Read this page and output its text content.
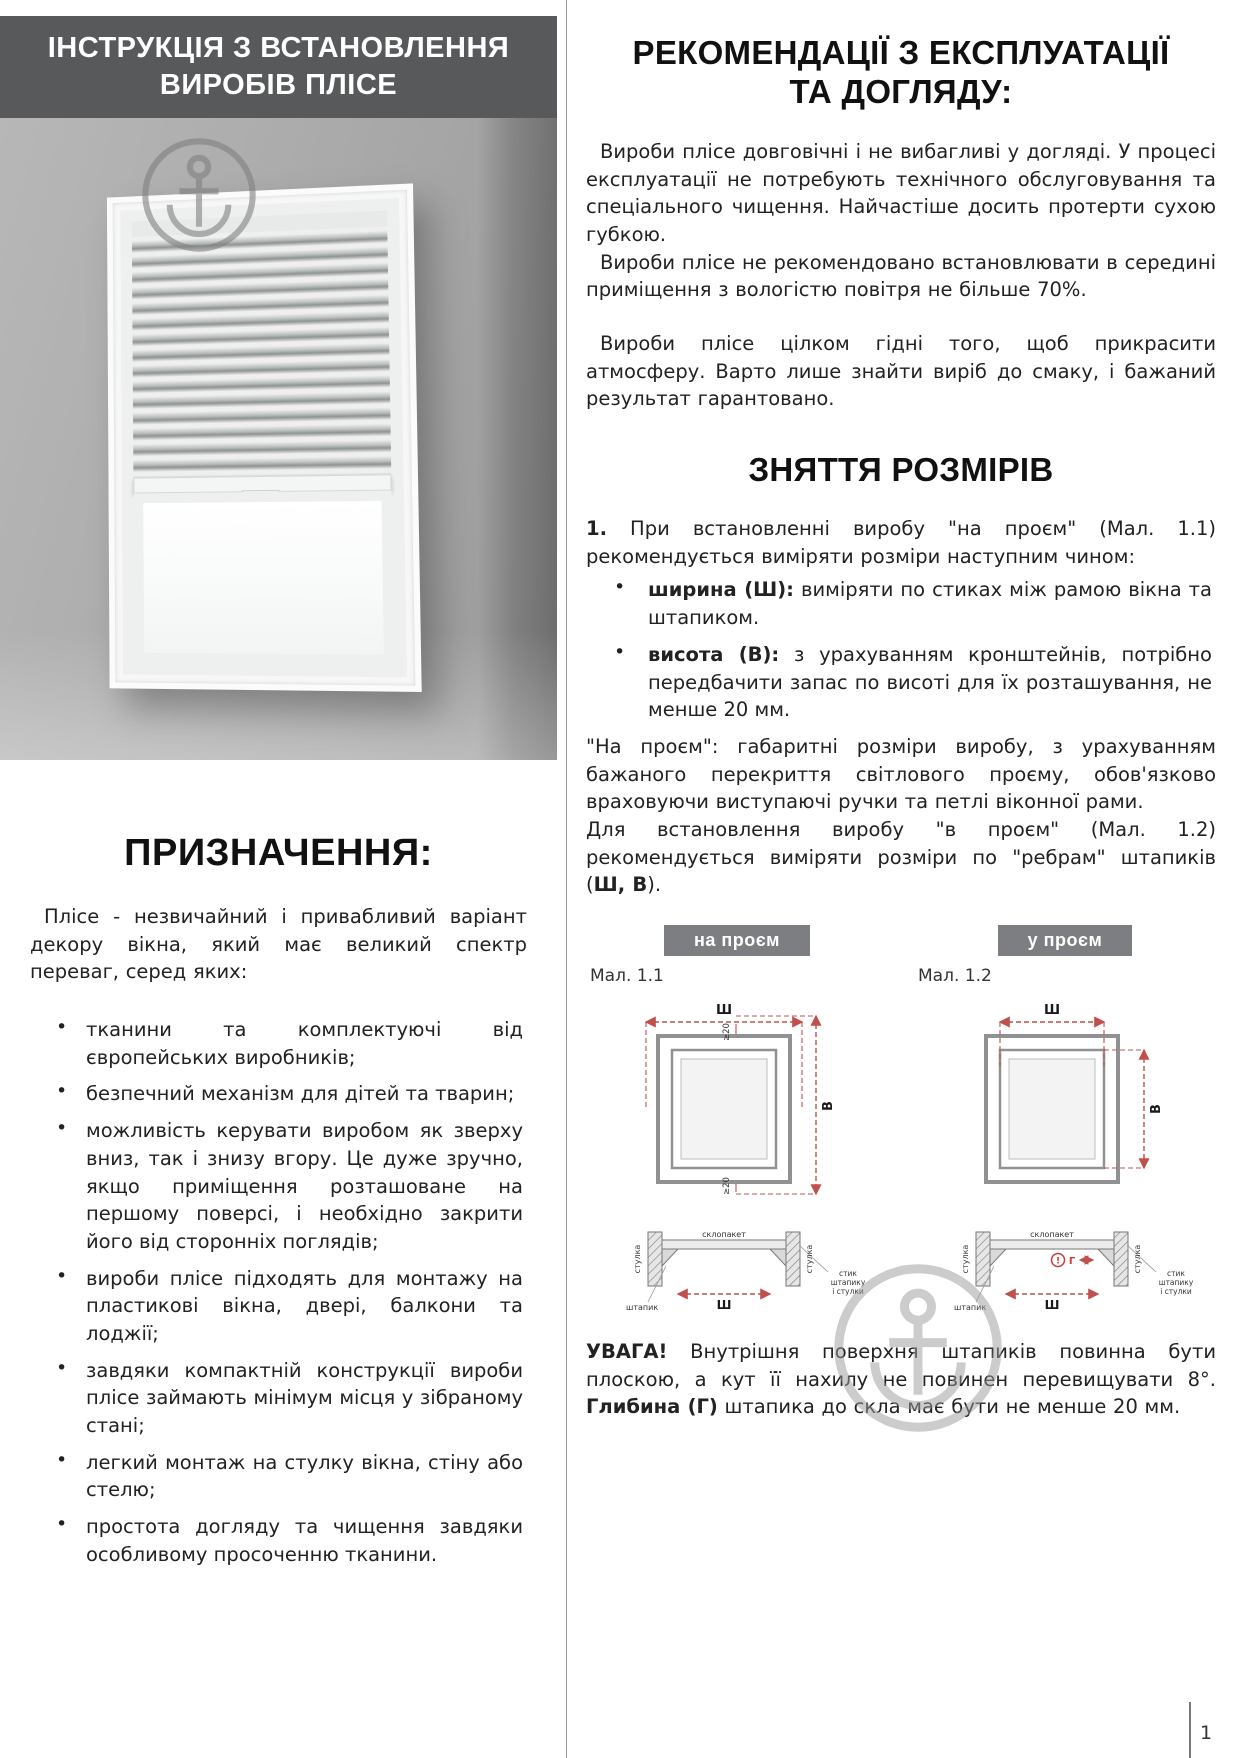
ІНСТРУКЦІЯ З ВСТАНОВЛЕННЯ
ВИРОБІВ ПЛІСЕ
ПРИЗНАЧЕННЯ:

Плісе - незвичайний і привабливий варіант декору вікна, який має великий спектр переваг, серед яких:

• тканини та комплектуючі від європейських виробників;
• безпечний механізм для дітей та тварин;
• можливість керувати виробом як зверху вниз, так і знизу вгору. Це дуже зручно, якщо приміщення розташоване на першому поверсі, і необхідно закрити його від сторонніх поглядів;
• вироби плісе підходять для монтажу на пластикові вікна, двері, балкони та лоджії;
• завдяки компактній конструкції вироби плісе займають мінімум місця у зібраному стані;
• легкий монтаж на стулку вікна, стіну або стелю;
• простота догляду та чищення завдяки особливому просоченню тканини.
РЕКОМЕНДАЦІЇ З ЕКСПЛУАТАЦІЇ
ТА ДОГЛЯДУ:

Вироби плісе довговічні і не вибагливі у догляді. У процесі експлуатації не потребують технічного обслуговування та спеціального чищення. Найчастіше досить протерти сухою губкою.

Вироби плісе не рекомендовано встановлювати в середині приміщення з вологістю повітря не більше 70%.

Вироби плісе цілком гідні того, щоб прикрасити атмосферу. Варто лише знайти виріб до смаку, і бажаний результат гарантовано.

ЗНЯТТЯ РОЗМІРІВ

1. При встановленні виробу "на проєм" (Мал. 1.1) рекомендується виміряти розміри наступним чином:

•	ширина (Ш): виміряти по стиках між рамою вікна та штапиком.
•	висота (В): з урахуванням кронштейнів, потрібно передбачити запас по висоті для їх розташування, не менше 20 мм.

"На проєм": габаритні розміри виробу, з урахуванням бажаного перекриття світлового проєму, обов'язково враховуючи виступаючі ручки та петлі віконної рами.

Для встановлення виробу "в проєм" (Мал. 1.2) рекомендується виміряти розміри по "ребрам" штапиків (Ш, В).

на проєм
Мал. 1.1
Ш
В
≥20
≥20
склопакет
стулка	стулка
стик
штапику
і стулки
штапик	Ш
у проєм
Мал. 1.2
Ш
В
склопакет
стулка	стулка
стик
штапику
і стулки
штапик	Ш
! Г

УВАГА! Внутрішня поверхня штапиків повинна бути плоскою, а кут її нахилу не повинен перевищувати 8°. Глибина (Г) штапика до скла має бути не менше 20 мм.

1
